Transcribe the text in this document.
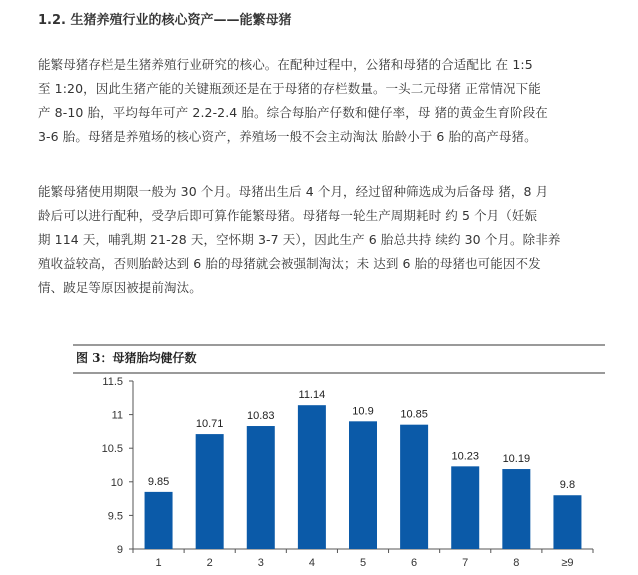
1.2. 生猪养殖行业的核心资产——能繁母猪

能繁母猪存栏是生猪养殖行业研究的核心。在配种过程中，公猪和母猪的合适配比 在 1:5
至 1:20，因此生猪产能的关键瓶颈还是在于母猪的存栏数量。一头二元母猪 正常情况下能
产 8-10 胎，平均每年可产 2.2-2.4 胎。综合每胎产仔数和健仔率，母 猪的黄金生育阶段在
3-6 胎。母猪是养殖场的核心资产，养殖场一般不会主动淘汰 胎龄小于 6 胎的高产母猪。

能繁母猪使用期限一般为 30 个月。母猪出生后 4 个月，经过留种筛选成为后备母 猪，8 月
龄后可以进行配种，受孕后即可算作能繁母猪。母猪每一轮生产周期耗时 约 5 个月（妊娠
期 114 天，哺乳期 21-28 天，空怀期 3-7 天），因此生产 6 胎总共持 续约 30 个月。除非养
殖收益较高，否则胎龄达到 6 胎的母猪就会被强制淘汰；未 达到 6 胎的母猪也可能因不发
情、跛足等原因被提前淘汰。

图 3：母猪胎均健仔数

9
9.5
10
10.5
11
11.5
1	2	3	4	5	6	7	8	≥9
9.85
10.71
10.83
11.14
10.9 10.85
10.23 10.19
9.8
